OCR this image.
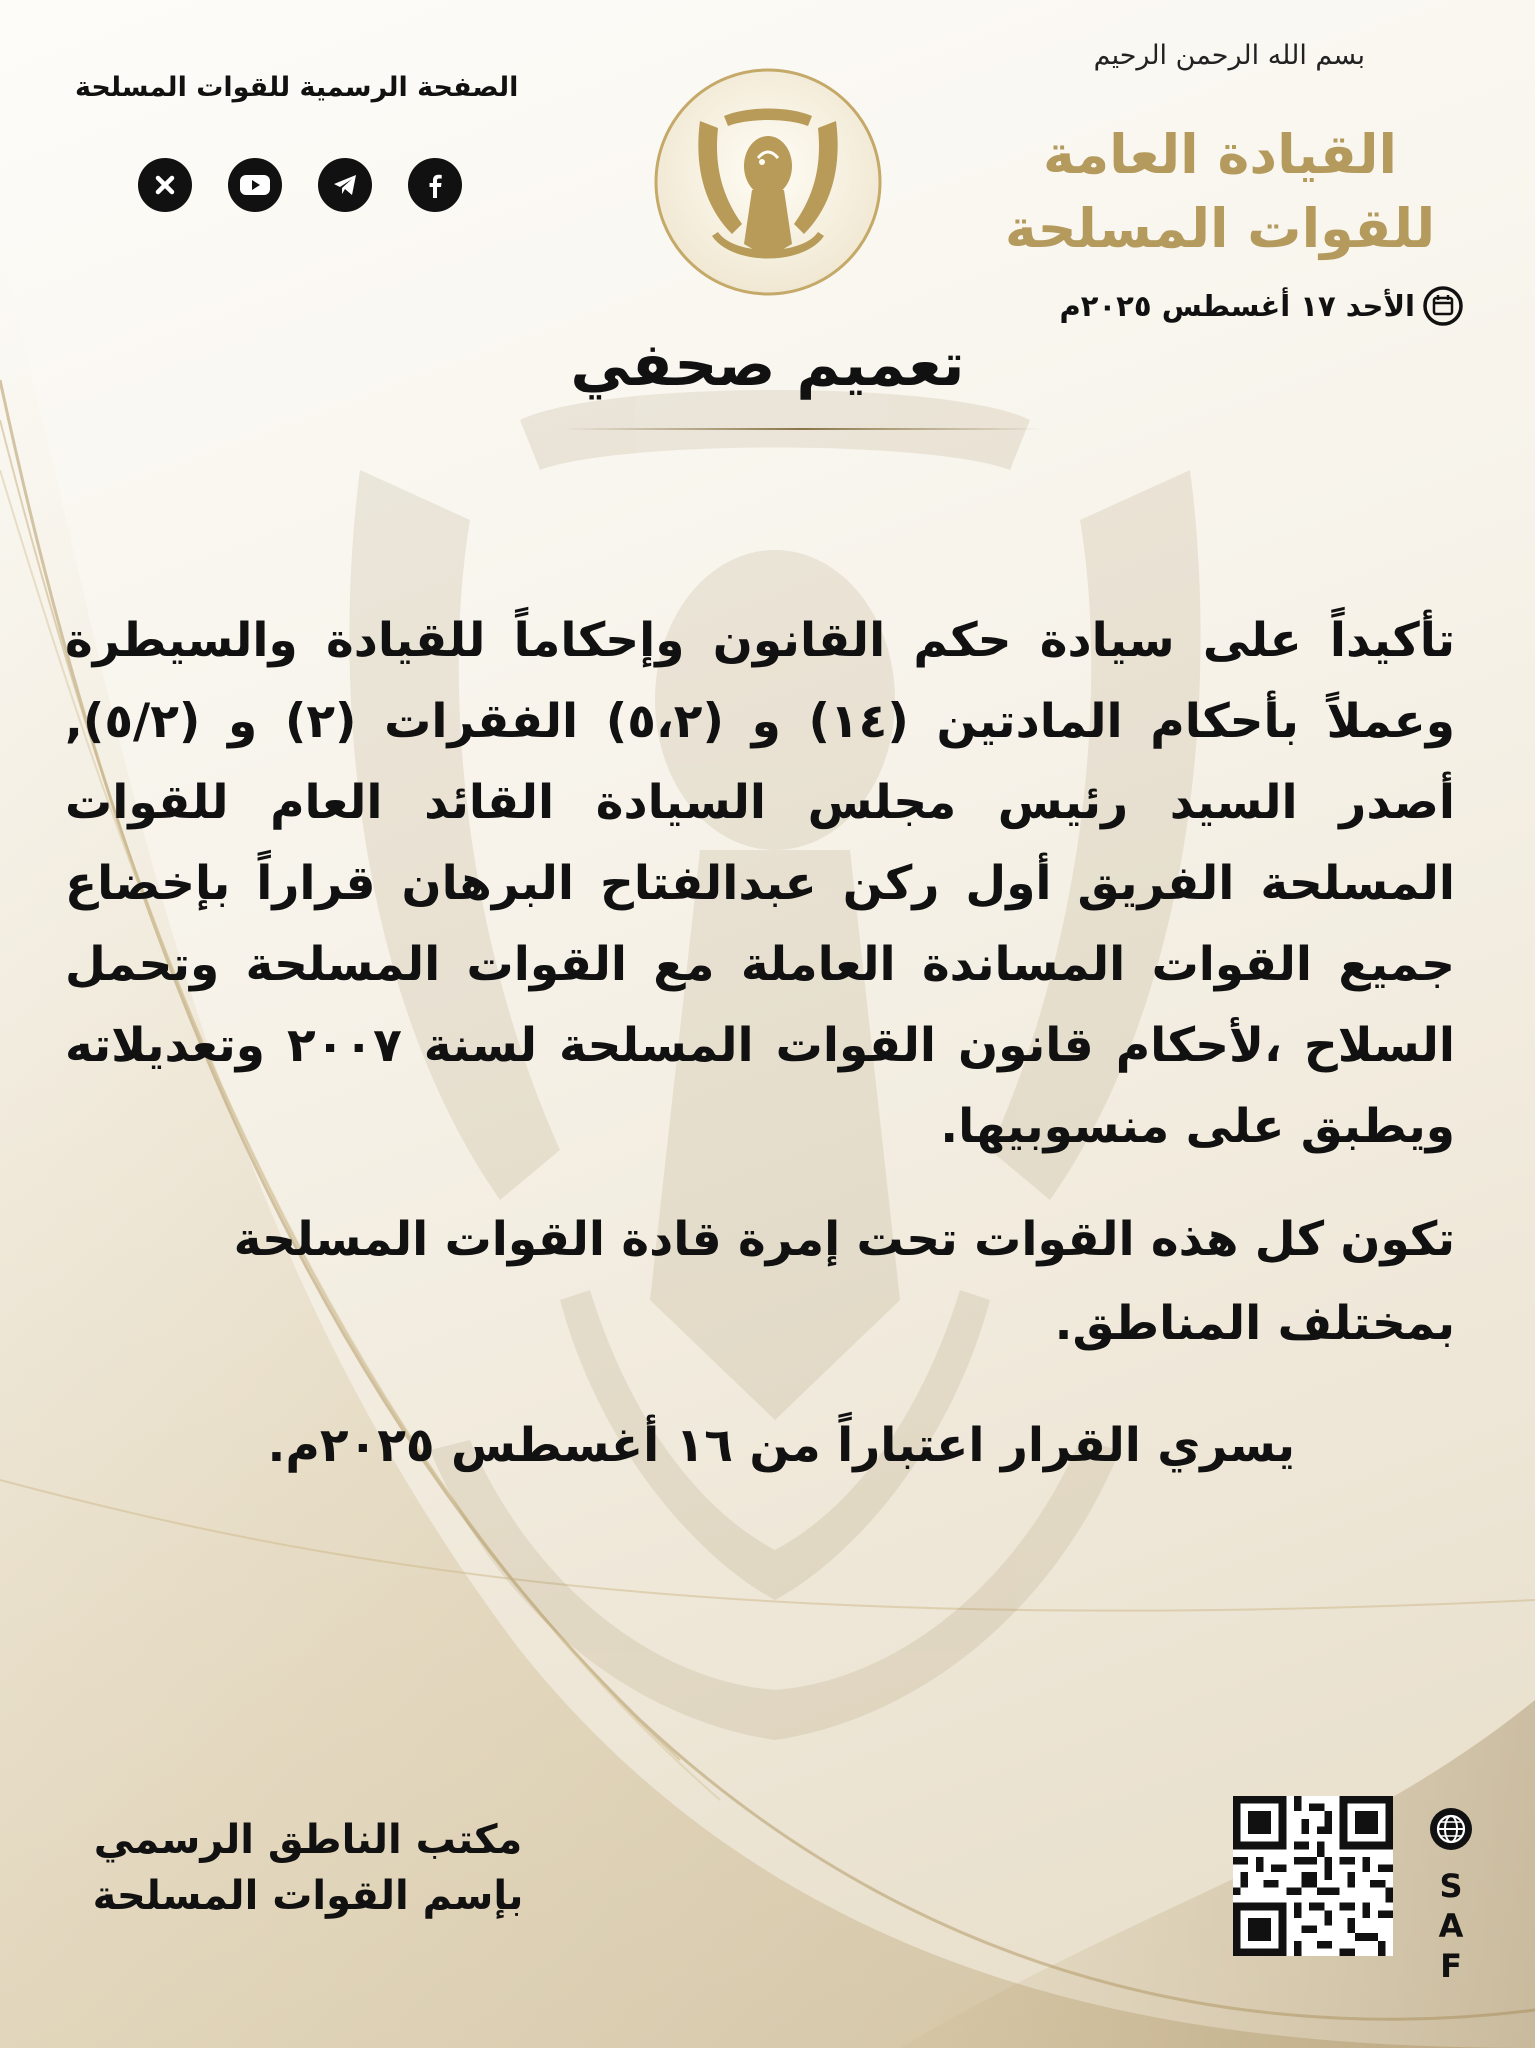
بسم الله الرحمن الرحيم
القيادة العامة للقوات المسلحة
الأحد ١٧ أغسطس ٢٠٢٥م
الصفحة الرسمية للقوات المسلحة
تعميم صحفي
تأكيداً على سيادة حكم القانون وإحكاماً للقيادة والسيطرة وعملاً بأحكام المادتين (١٤) و (٥،٢) الفقرات (٢) و (٥/٢), أصدر السيد رئيس مجلس السيادة القائد العام للقوات المسلحة الفريق أول ركن عبدالفتاح البرهان قراراً بإخضاع جميع القوات المساندة العاملة مع القوات المسلحة وتحمل السلاح ،لأحكام قانون القوات المسلحة لسنة ٢٠٠٧ وتعديلاته ويطبق على منسوبيها.
تكون كل هذه القوات تحت إمرة قادة القوات المسلحة بمختلف المناطق.
يسري القرار اعتباراً من ١٦ أغسطس ٢٠٢٥م.
مكتب الناطق الرسمي
بإسم القوات المسلحة	S
A
F
